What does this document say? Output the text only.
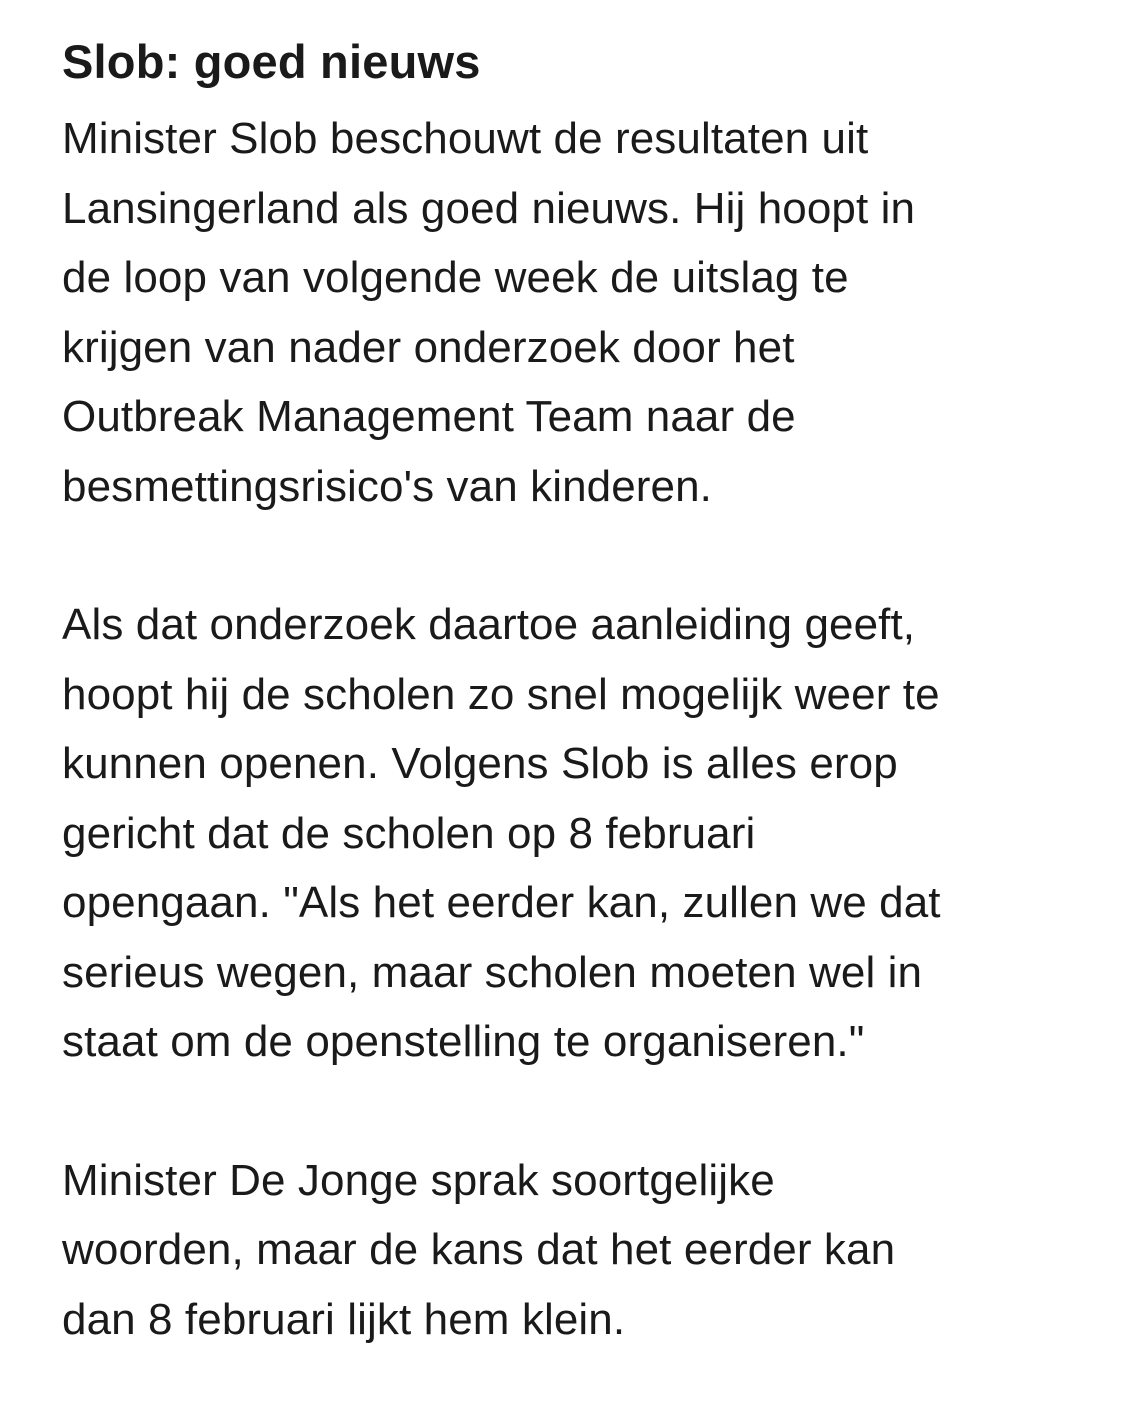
Slob: goed nieuws

Minister Slob beschouwt de resultaten uit
Lansingerland als goed nieuws. Hij hoopt in
de loop van volgende week de uitslag te
krijgen van nader onderzoek door het
Outbreak Management Team naar de
besmettingsrisico's van kinderen.

Als dat onderzoek daartoe aanleiding geeft,
hoopt hij de scholen zo snel mogelijk weer te
kunnen openen. Volgens Slob is alles erop
gericht dat de scholen op 8 februari
opengaan. "Als het eerder kan, zullen we dat
serieus wegen, maar scholen moeten wel in
staat om de openstelling te organiseren."

Minister De Jonge sprak soortgelijke
woorden, maar de kans dat het eerder kan
dan 8 februari lijkt hem klein.
